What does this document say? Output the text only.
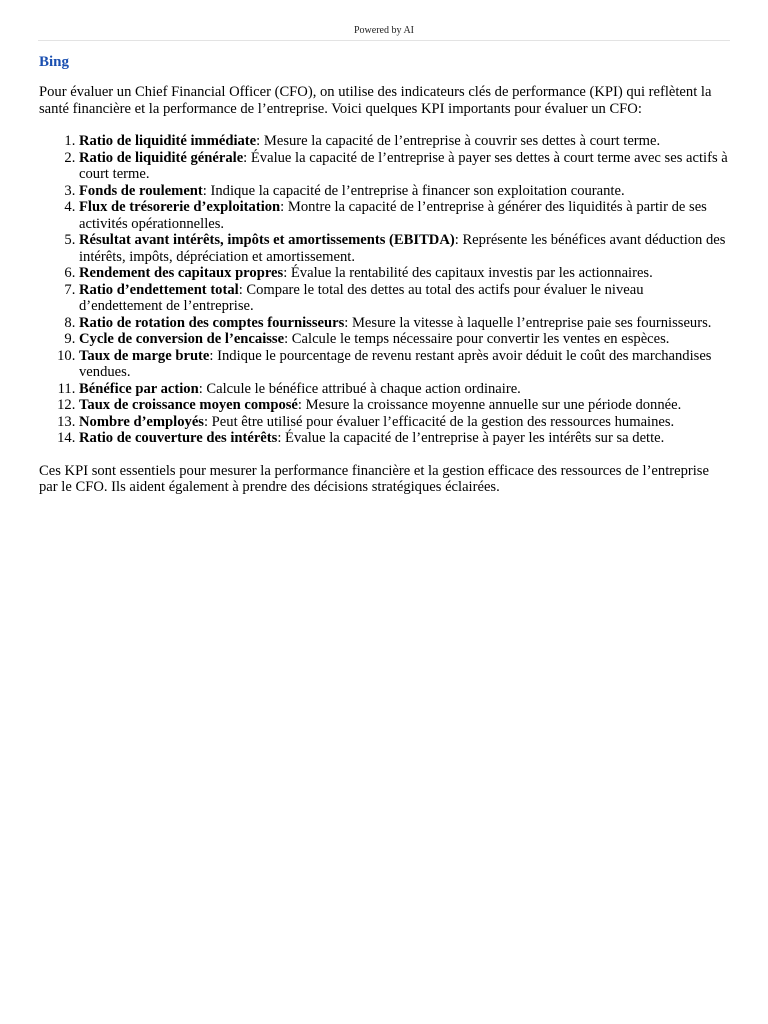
Powered by AI
Bing

Pour évaluer un Chief Financial Officer (CFO), on utilise des indicateurs clés de performance (KPI) qui reflètent la santé financière et la performance de l’entreprise. Voici quelques KPI importants pour évaluer un CFO:

1. Ratio de liquidité immédiate: Mesure la capacité de l’entreprise à couvrir ses dettes à court terme.
2. Ratio de liquidité générale: Évalue la capacité de l’entreprise à payer ses dettes à court terme avec ses actifs à court terme.
3. Fonds de roulement: Indique la capacité de l’entreprise à financer son exploitation courante.
4. Flux de trésorerie d’exploitation: Montre la capacité de l’entreprise à générer des liquidités à partir de ses activités opérationnelles.
5. Résultat avant intérêts, impôts et amortissements (EBITDA): Représente les bénéfices avant déduction des intérêts, impôts, dépréciation et amortissement.
6. Rendement des capitaux propres: Évalue la rentabilité des capitaux investis par les actionnaires.
7. Ratio d’endettement total: Compare le total des dettes au total des actifs pour évaluer le niveau d’endettement de l’entreprise.
8. Ratio de rotation des comptes fournisseurs: Mesure la vitesse à laquelle l’entreprise paie ses fournisseurs.
9. Cycle de conversion de l’encaisse: Calcule le temps nécessaire pour convertir les ventes en espèces.
10. Taux de marge brute: Indique le pourcentage de revenu restant après avoir déduit le coût des marchandises vendues.
11. Bénéfice par action: Calcule le bénéfice attribué à chaque action ordinaire.
12. Taux de croissance moyen composé: Mesure la croissance moyenne annuelle sur une période donnée.
13. Nombre d’employés: Peut être utilisé pour évaluer l’efficacité de la gestion des ressources humaines.
14. Ratio de couverture des intérêts: Évalue la capacité de l’entreprise à payer les intérêts sur sa dette.

Ces KPI sont essentiels pour mesurer la performance financière et la gestion efficace des ressources de l’entreprise par le CFO. Ils aident également à prendre des décisions stratégiques éclairées.
